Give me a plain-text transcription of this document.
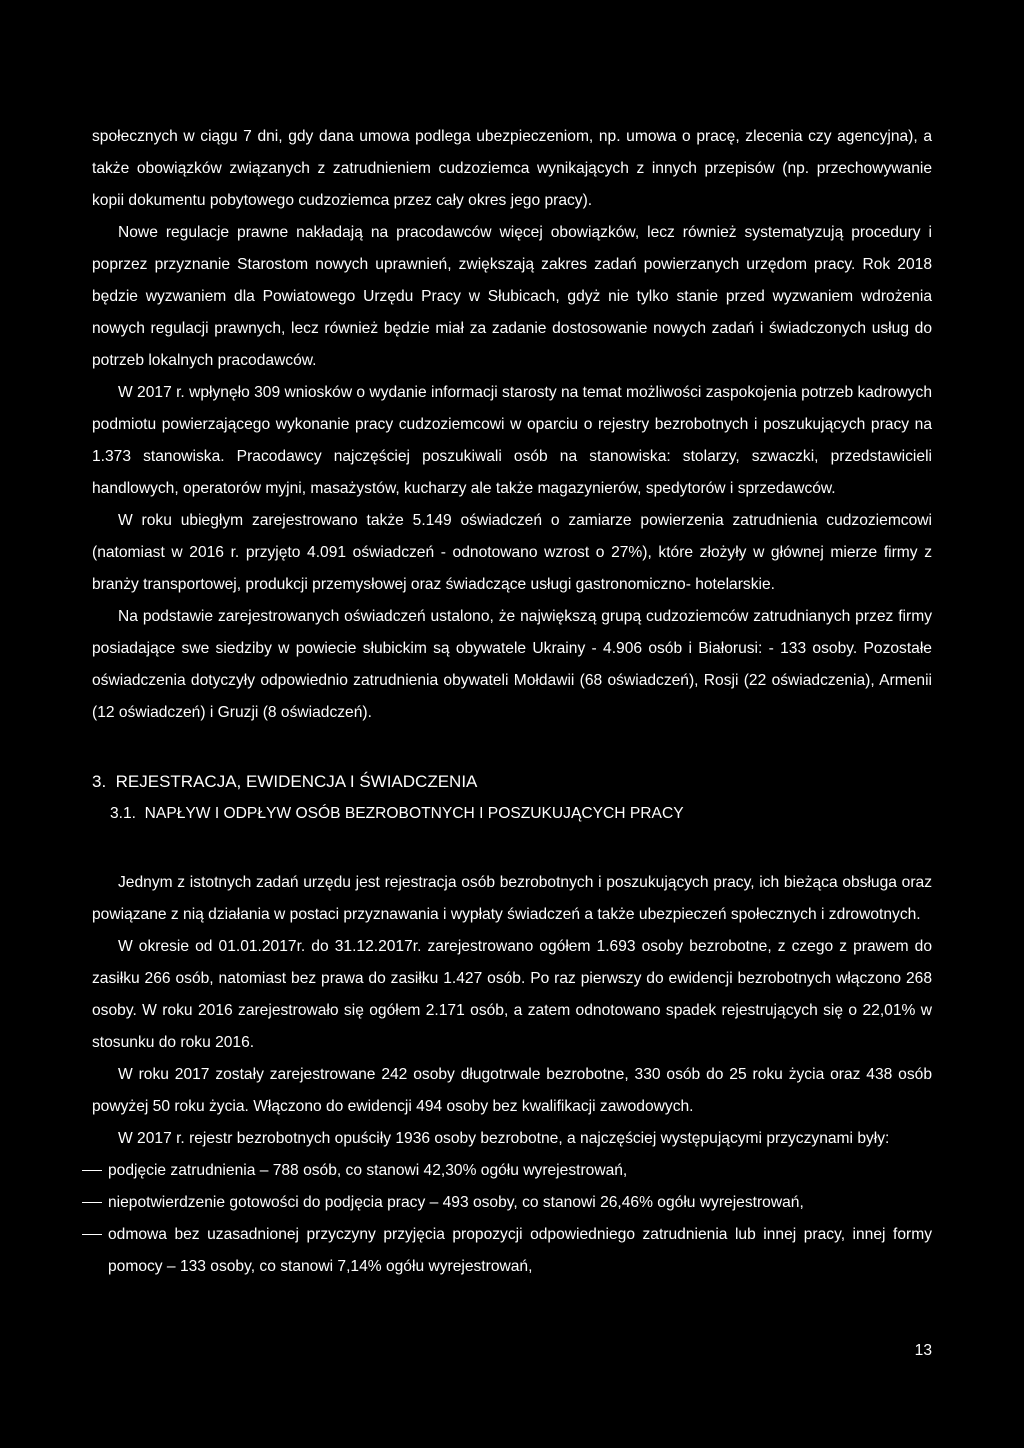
społecznych w ciągu 7 dni, gdy dana umowa podlega ubezpieczeniom, np. umowa o pracę, zlecenia czy agencyjna), a także obowiązków związanych z zatrudnieniem cudzoziemca wynikających z innych przepisów (np. przechowywanie kopii dokumentu pobytowego cudzoziemca przez cały okres jego pracy).

Nowe regulacje prawne nakładają na pracodawców więcej obowiązków, lecz również systematyzują procedury i poprzez przyznanie Starostom nowych uprawnień, zwiększają zakres zadań powierzanych urzędom pracy. Rok 2018 będzie wyzwaniem dla Powiatowego Urzędu Pracy w Słubicach, gdyż nie tylko stanie przed wyzwaniem wdrożenia nowych regulacji prawnych, lecz również będzie miał za zadanie dostosowanie nowych zadań i świadczonych usług do potrzeb lokalnych pracodawców.

W 2017 r. wpłynęło 309 wniosków o wydanie informacji starosty na temat możliwości zaspokojenia potrzeb kadrowych podmiotu powierzającego wykonanie pracy cudzoziemcowi w oparciu o rejestry bezrobotnych i poszukujących pracy na 1.373 stanowiska. Pracodawcy najczęściej poszukiwali osób na stanowiska: stolarzy, szwaczki, przedstawicieli handlowych, operatorów myjni, masażystów, kucharzy ale także magazynierów, spedytorów i sprzedawców.

W roku ubiegłym zarejestrowano także 5.149 oświadczeń o zamiarze powierzenia zatrudnienia cudzoziemcowi (natomiast w 2016 r. przyjęto 4.091 oświadczeń - odnotowano wzrost o 27%), które złożyły w głównej mierze firmy z branży transportowej, produkcji przemysłowej oraz świadczące usługi gastronomiczno- hotelarskie.

Na podstawie zarejestrowanych oświadczeń ustalono, że największą grupą cudzoziemców zatrudnianych przez firmy posiadające swe siedziby w powiecie słubickim są obywatele Ukrainy - 4.906 osób i Białorusi: - 133 osoby. Pozostałe oświadczenia dotyczyły odpowiednio zatrudnienia obywateli Mołdawii (68 oświadczeń), Rosji (22 oświadczenia), Armenii (12 oświadczeń) i Gruzji (8 oświadczeń).

3.  REJESTRACJA, EWIDENCJA I ŚWIADCZENIA
3.1.  NAPŁYW I ODPŁYW OSÓB BEZROBOTNYCH I POSZUKUJĄCYCH PRACY

Jednym z istotnych zadań urzędu jest rejestracja osób bezrobotnych i poszukujących pracy, ich bieżąca obsługa oraz powiązane z nią działania w postaci przyznawania i wypłaty świadczeń a także ubezpieczeń społecznych i zdrowotnych.

W okresie od 01.01.2017r. do 31.12.2017r. zarejestrowano ogółem 1.693 osoby bezrobotne, z czego z prawem do zasiłku 266 osób, natomiast bez prawa do zasiłku 1.427 osób. Po raz pierwszy do ewidencji bezrobotnych włączono 268 osoby. W roku 2016 zarejestrowało się ogółem 2.171 osób, a zatem odnotowano spadek rejestrujących się o 22,01% w stosunku do roku 2016.

W roku 2017 zostały zarejestrowane 242 osoby długotrwale bezrobotne, 330 osób do 25 roku życia oraz 438 osób powyżej 50 roku życia. Włączono do ewidencji 494 osoby bez kwalifikacji zawodowych.

W 2017 r. rejestr bezrobotnych opuściły 1936 osoby bezrobotne, a najczęściej występującymi przyczynami były:

podjęcie zatrudnienia – 788 osób, co stanowi 42,30% ogółu wyrejestrowań,
niepotwierdzenie gotowości do podjęcia pracy – 493 osoby, co stanowi 26,46% ogółu wyrejestrowań,
odmowa bez uzasadnionej przyczyny przyjęcia propozycji odpowiedniego zatrudnienia lub innej pracy, innej formy pomocy – 133 osoby, co stanowi 7,14% ogółu wyrejestrowań,
13
